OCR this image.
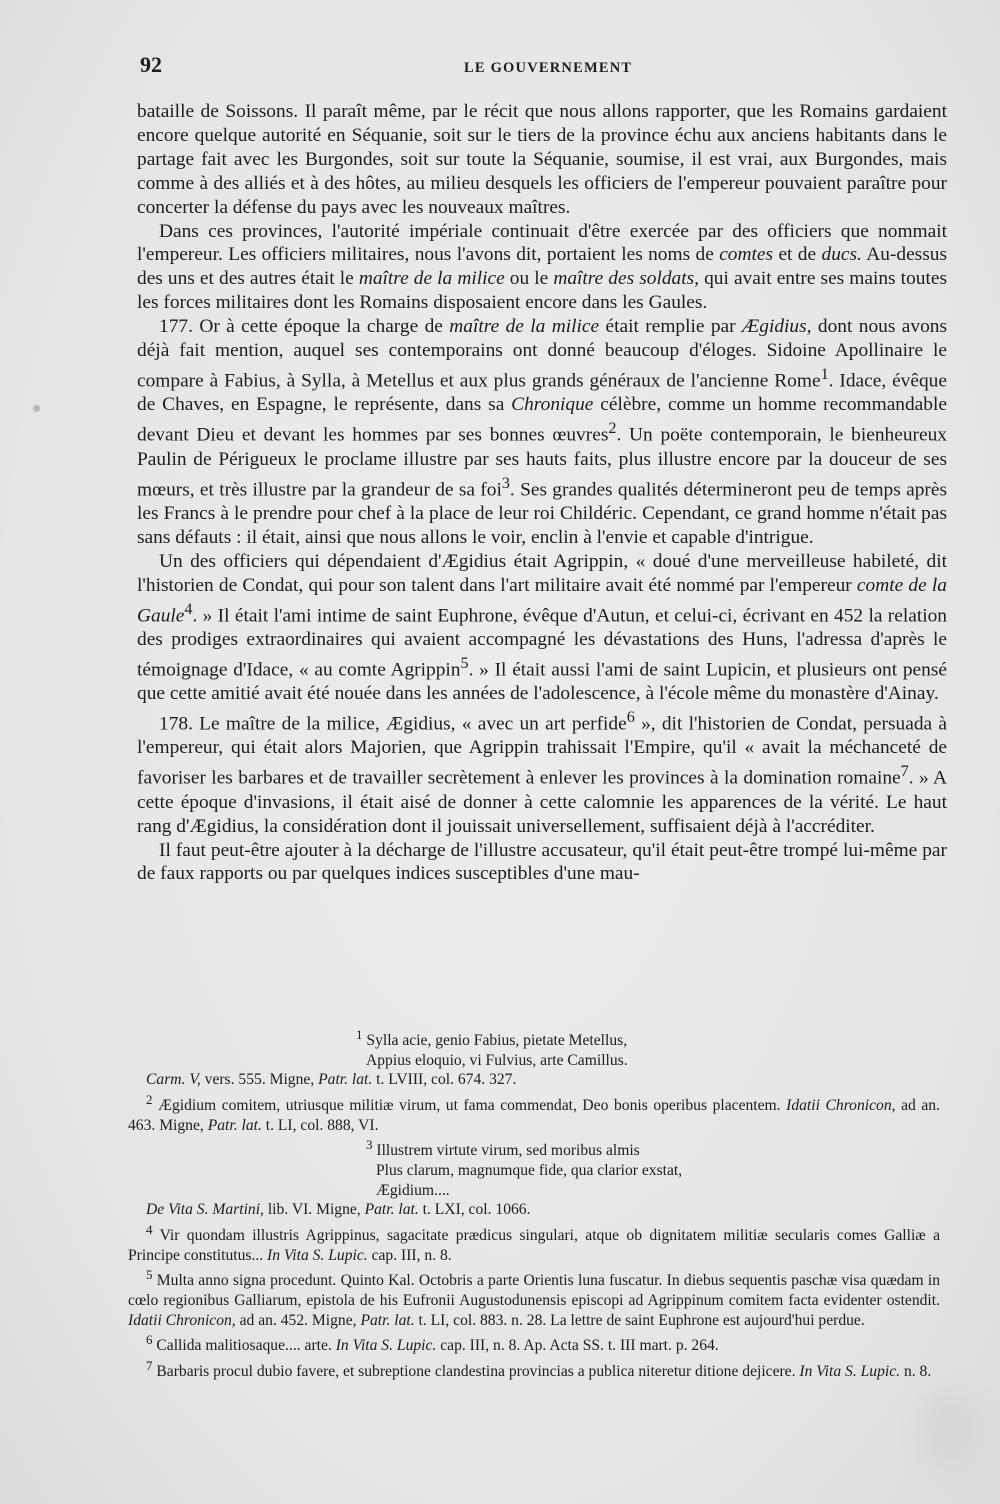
92	LE GOUVERNEMENT

bataille de Soissons. Il paraît même, par le récit que nous allons rapporter, que les Romains gardaient encore quelque autorité en Séquanie, soit sur le tiers de la province échu aux anciens habitants dans le partage fait avec les Burgondes, soit sur toute la Séquanie, soumise, il est vrai, aux Burgondes, mais comme à des alliés et à des hôtes, au milieu desquels les officiers de l'empereur pouvaient paraître pour concerter la défense du pays avec les nouveaux maîtres.

Dans ces provinces, l'autorité impériale continuait d'être exercée par des officiers que nommait l'empereur. Les officiers militaires, nous l'avons dit, portaient les noms de comtes et de ducs. Au-dessus des uns et des autres était le maître de la milice ou le maître des soldats, qui avait entre ses mains toutes les forces militaires dont les Romains disposaient encore dans les Gaules.

177. Or à cette époque la charge de maître de la milice était remplie par Ægidius, dont nous avons déjà fait mention, auquel ses contemporains ont donné beaucoup d'éloges. Sidoine Apollinaire le compare à Fabius, à Sylla, à Metellus et aux plus grands généraux de l'ancienne Rome$^1$. Idace, évêque de Chaves, en Espagne, le représente, dans sa Chronique célèbre, comme un homme recommandable devant Dieu et devant les hommes par ses bonnes œuvres$^2$. Un poëte contemporain, le bienheureux Paulin de Périgueux le proclame illustre par ses hauts faits, plus illustre encore par la douceur de ses mœurs, et très illustre par la grandeur de sa foi$^3$. Ses grandes qualités détermineront peu de temps après les Francs à le prendre pour chef à la place de leur roi Childéric. Cependant, ce grand homme n'était pas sans défauts : il était, ainsi que nous allons le voir, enclin à l'envie et capable d'intrigue.

Un des officiers qui dépendaient d'Ægidius était Agrippin, « doué d'une merveilleuse habileté, dit l'historien de Condat, qui pour son talent dans l'art militaire avait été nommé par l'empereur comte de la Gaule$^4$. » Il était l'ami intime de saint Euphrone, évêque d'Autun, et celui-ci, écrivant en 452 la relation des prodiges extraordinaires qui avaient accompagné les dévastations des Huns, l'adressa d'après le témoignage d'Idace, « au comte Agrippin$^5$. » Il était aussi l'ami de saint Lupicin, et plusieurs ont pensé que cette amitié avait été nouée dans les années de l'adolescence, à l'école même du monastère d'Ainay.

178. Le maître de la milice, Ægidius, « avec un art perfide$^6$ », dit l'historien de Condat, persuada à l'empereur, qui était alors Majorien, que Agrippin trahissait l'Empire, qu'il « avait la méchanceté de favoriser les barbares et de travailler secrètement à enlever les provinces à la domination romaine$^7$. » A cette époque d'invasions, il était aisé de donner à cette calomnie les apparences de la vérité. Le haut rang d'Ægidius, la considération dont il jouissait universellement, suffisaient déjà à l'accréditer.

Il faut peut-être ajouter à la décharge de l'illustre accusateur, qu'il était peut-être trompé lui-même par de faux rapports ou par quelques indices susceptibles d'une mau-

$^1$ Sylla acie, genio Fabius, pietate Metellus,
Appius eloquio, vi Fulvius, arte Camillus.

Carm. V, vers. 555. Migne, Patr. lat. t. LVIII, col. 674. 327.

$^2$ Ægidium comitem, utriusque militiæ virum, ut fama commendat, Deo bonis operibus placentem. Idatii Chronicon, ad an. 463. Migne, Patr. lat. t. LI, col. 888, VI.

$^3$ Illustrem virtute virum, sed moribus almis
Plus clarum, magnumque fide, qua clarior exstat,
Ægidium....

De Vita S. Martini, lib. VI. Migne, Patr. lat. t. LXI, col. 1066.

$^4$ Vir quondam illustris Agrippinus, sagacitate prædicus singulari, atque ob dignitatem militiæ secularis comes Galliæ a Principe constitutus... In Vita S. Lupic. cap. III, n. 8.

$^5$ Multa anno signa procedunt. Quinto Kal. Octobris a parte Orientis luna fuscatur. In diebus sequentis paschæ visa quædam in cœlo regionibus Galliarum, epistola de his Eufronii Augustodunensis episcopi ad Agrippinum comitem facta evidenter ostendit. Idatii Chronicon, ad an. 452. Migne, Patr. lat. t. LI, col. 883. n. 28. La lettre de saint Euphrone est aujourd'hui perdue.

$^6$ Callida malitiosaque.... arte. In Vita S. Lupic. cap. III, n. 8. Ap. Acta SS. t. III mart. p. 264.

$^7$ Barbaris procul dubio favere, et subreptione clandestina provincias a publica niteretur ditione dejicere. In Vita S. Lupic. n. 8.
